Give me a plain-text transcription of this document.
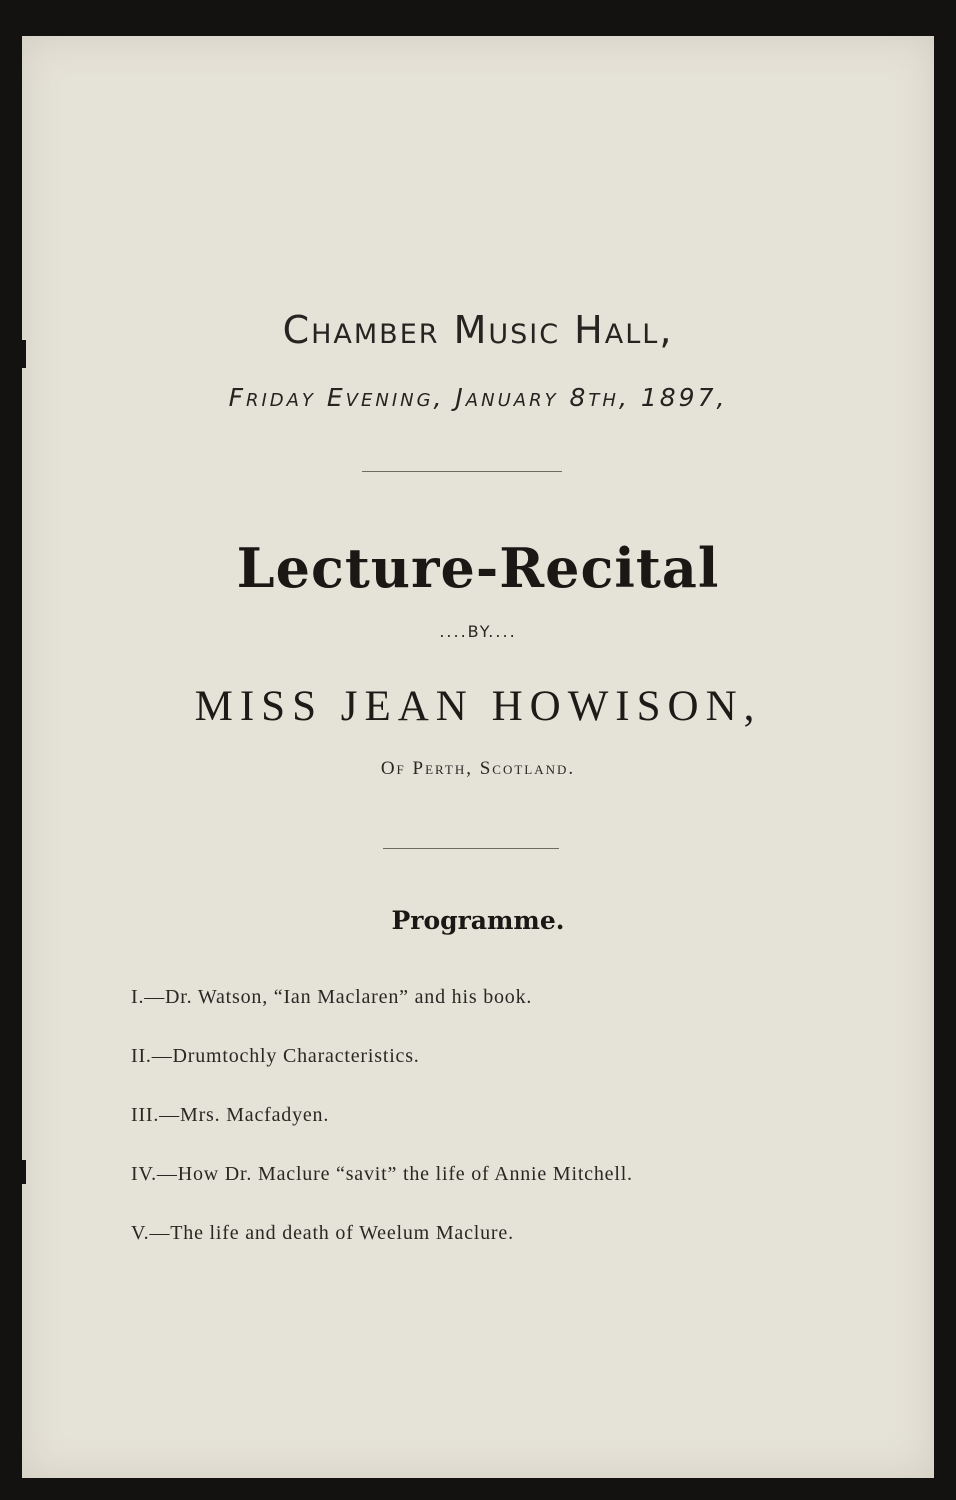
Chamber Music Hall,
Friday Evening, January 8th, 1897,
Lecture-Recital
....BY....
MISS JEAN HOWISON,
Of Perth, Scotland.
Programme.
I.—Dr. Watson, “Ian Maclaren” and his book.
II.—Drumtochly Characteristics.
III.—Mrs. Macfadyen.
IV.—How Dr. Maclure “savit” the life of Annie Mitchell.
V.—The life and death of Weelum Maclure.
